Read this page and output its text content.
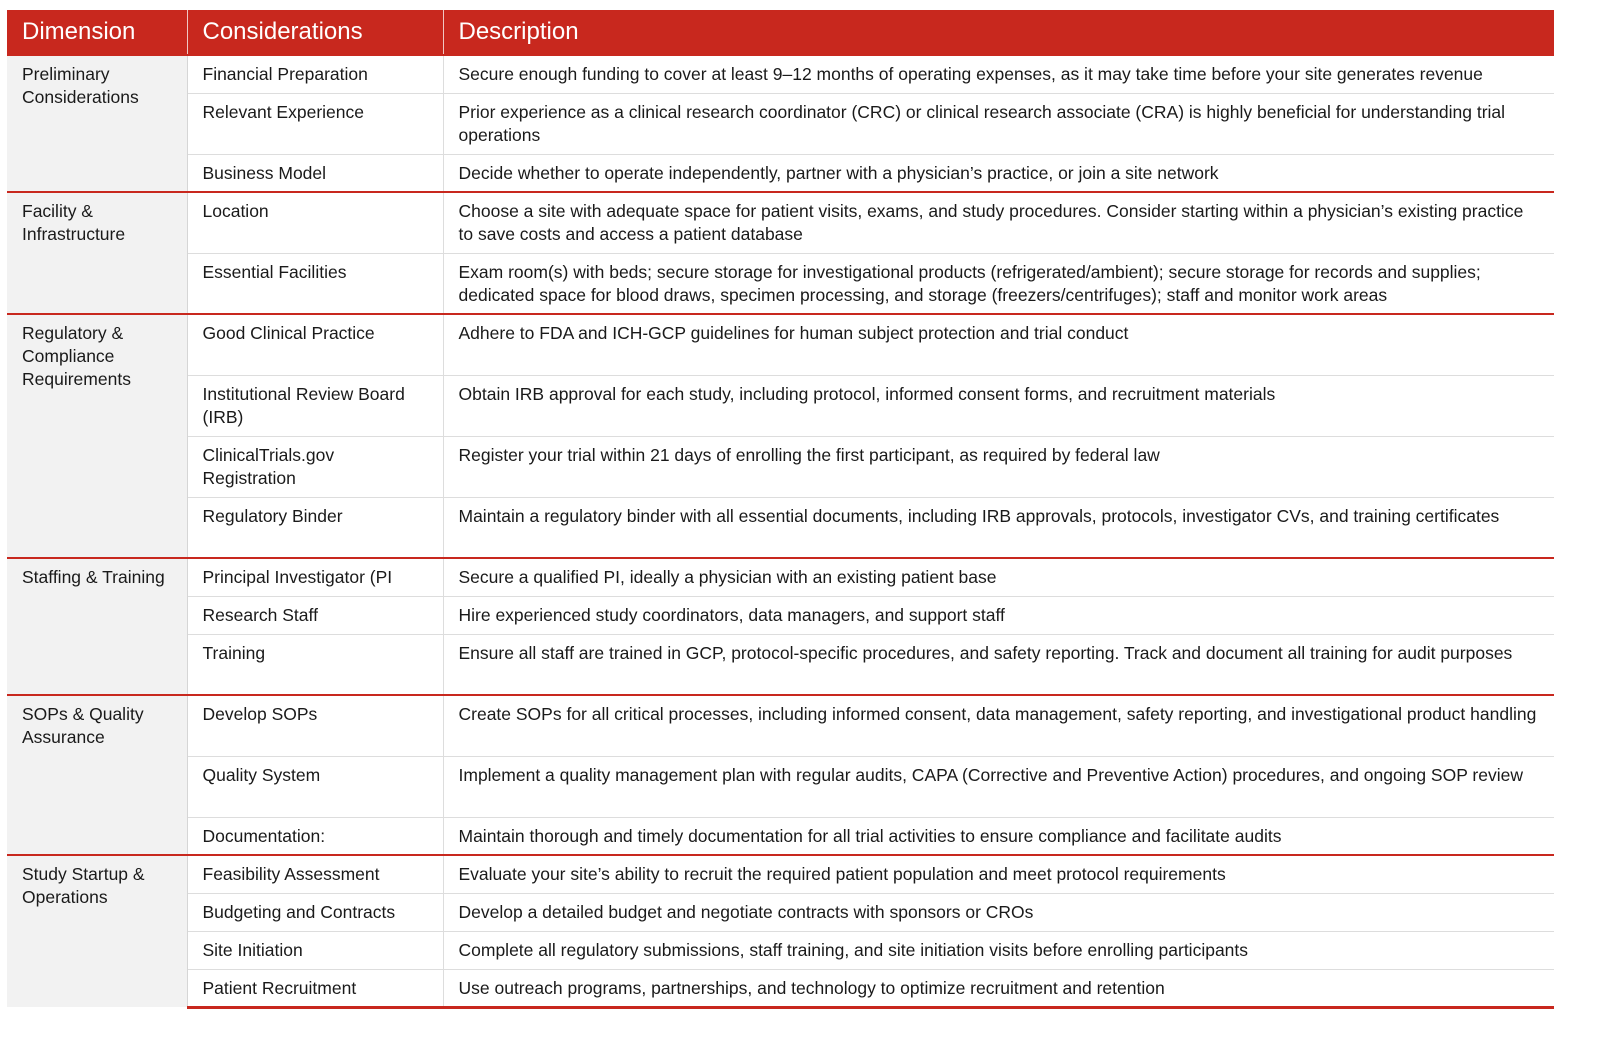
Dimension	Considerations	Description
Preliminary Considerations	Financial Preparation	Secure enough funding to cover at least 9–12 months of operating expenses, as it may take time before your site generates revenue
	Relevant Experience	Prior experience as a clinical research coordinator (CRC) or clinical research associate (CRA) is highly beneficial for understanding trial operations
	Business Model	Decide whether to operate independently, partner with a physician’s practice, or join a site network
Facility & Infrastructure	Location	Choose a site with adequate space for patient visits, exams, and study procedures. Consider starting within a physician’s existing practice to save costs and access a patient database
	Essential Facilities	Exam room(s) with beds; secure storage for investigational products (refrigerated/ambient); secure storage for records and supplies; dedicated space for blood draws, specimen processing, and storage (freezers/centrifuges); staff and monitor work areas
Regulatory & Compliance Requirements	Good Clinical Practice	Adhere to FDA and ICH-GCP guidelines for human subject protection and trial conduct
	Institutional Review Board (IRB)	Obtain IRB approval for each study, including protocol, informed consent forms, and recruitment materials
	ClinicalTrials.gov Registration	Register your trial within 21 days of enrolling the first participant, as required by federal law
	Regulatory Binder	Maintain a regulatory binder with all essential documents, including IRB approvals, protocols, investigator CVs, and training certificates
Staffing & Training	Principal Investigator (PI	Secure a qualified PI, ideally a physician with an existing patient base
	Research Staff	Hire experienced study coordinators, data managers, and support staff
	Training	Ensure all staff are trained in GCP, protocol-specific procedures, and safety reporting. Track and document all training for audit purposes
SOPs & Quality Assurance	Develop SOPs	Create SOPs for all critical processes, including informed consent, data management, safety reporting, and investigational product handling
	Quality System	Implement a quality management plan with regular audits, CAPA (Corrective and Preventive Action) procedures, and ongoing SOP review
	Documentation:	Maintain thorough and timely documentation for all trial activities to ensure compliance and facilitate audits
Study Startup & Operations	Feasibility Assessment	Evaluate your site’s ability to recruit the required patient population and meet protocol requirements
	Budgeting and Contracts	Develop a detailed budget and negotiate contracts with sponsors or CROs
	Site Initiation	Complete all regulatory submissions, staff training, and site initiation visits before enrolling participants
	Patient Recruitment	Use outreach programs, partnerships, and technology to optimize recruitment and retention
